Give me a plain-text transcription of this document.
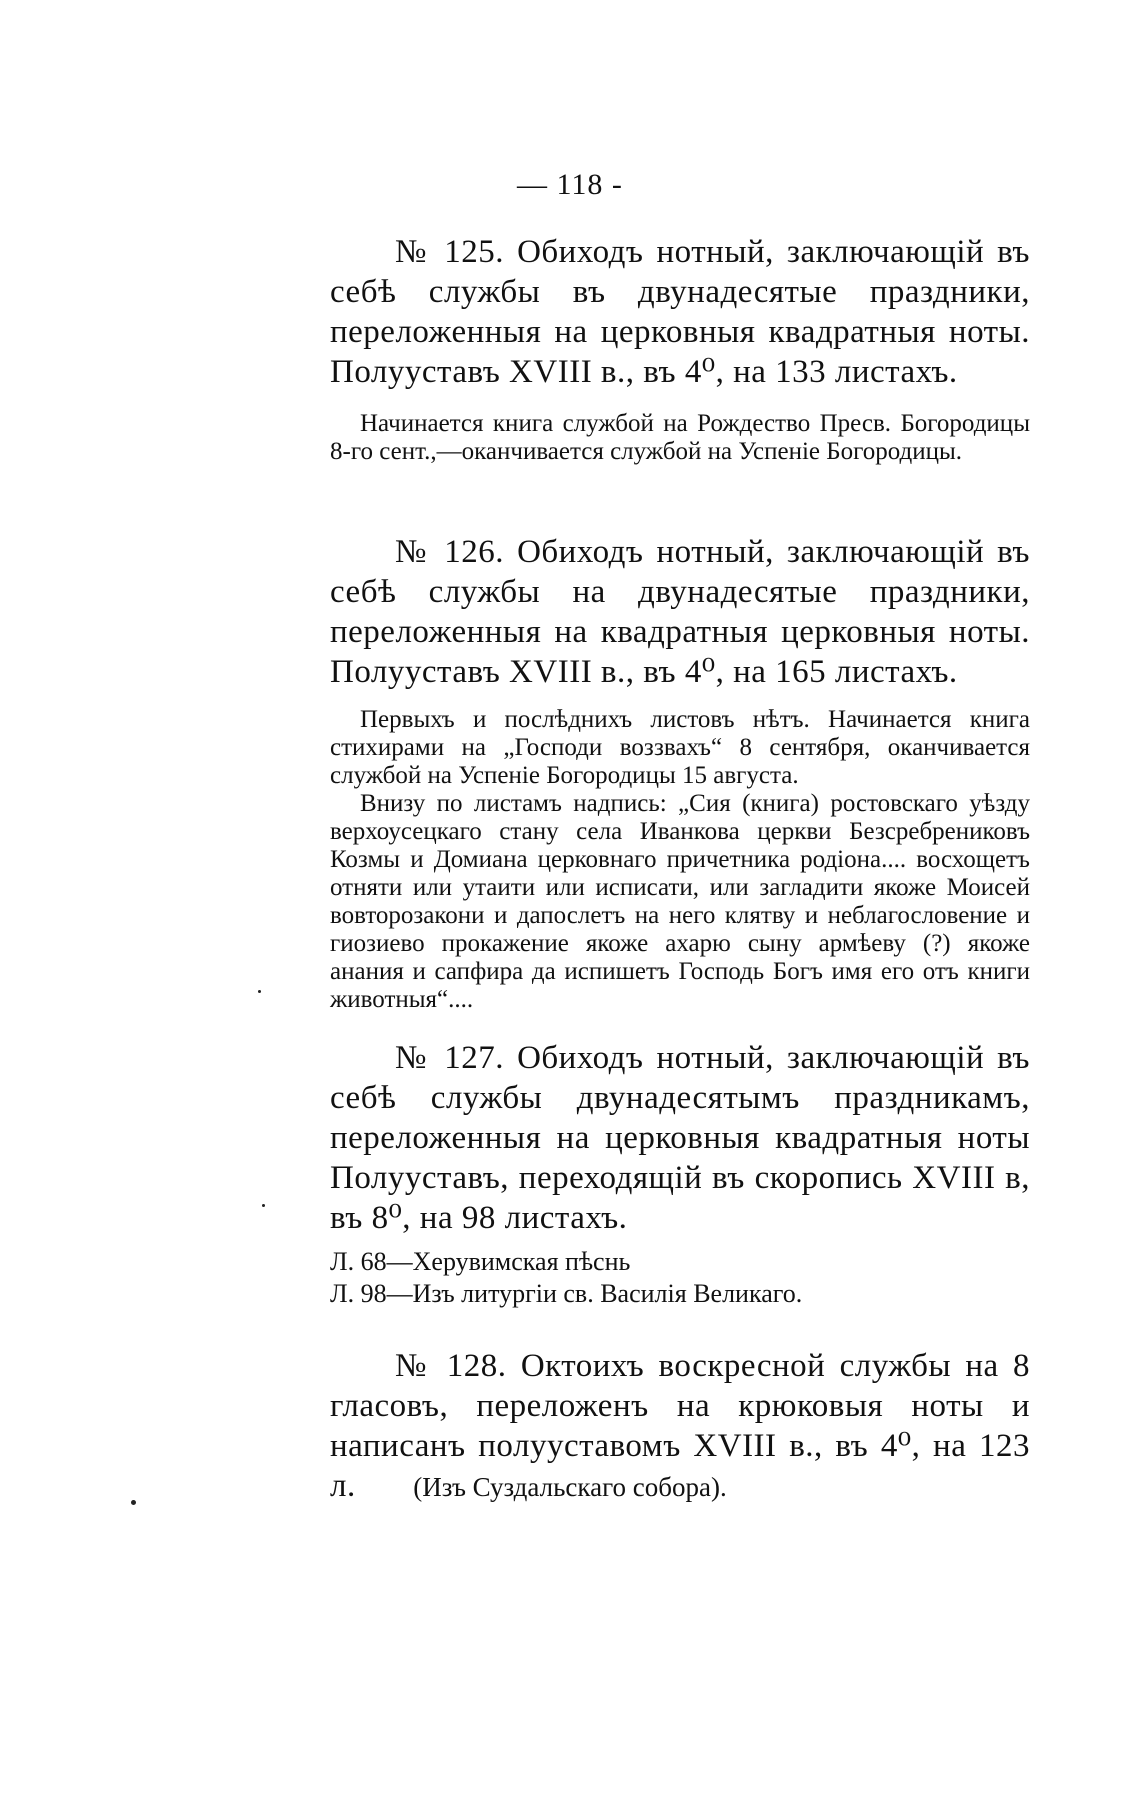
— 118 -
№ 125. Обиходъ нотный, заключающій въ себѣ службы въ двунадесятые праздники, переложенныя на церковныя квадратныя ноты. Полууставъ XVIII в., въ 4⁰, на 133 листахъ.

Начинается книга службой на Рождество Пресв. Богородицы 8-го сент.,—оканчивается службой на Успеніе Богородицы.

№ 126. Обиходъ нотный, заключающій въ себѣ службы на двунадесятые праздники, переложенныя на квадратныя церковныя ноты. Полууставъ XVIII в., въ 4⁰, на 165 листахъ.

Первыхъ и послѣднихъ листовъ нѣтъ. Начинается книга стихирами на „Господи воззвахъ“ 8 сентября, оканчивается службой на Успеніе Богородицы 15 августа.

Внизу по листамъ надпись: „Сия (книга) ростовскаго уѣзду верхоусецкаго стану села Иванкова церкви Безсребрениковъ Козмы и Домиана церковнаго причетника родіона.... восхощетъ отняти или утаити или исписати, или загладити якоже Моисей вовторозакони и дапослетъ на него клятву и неблагословение и гиозиево прокажение якоже ахарю сыну армѣеву (?) якоже анания и сапфира да испишетъ Господь Богъ имя его отъ книги животныя“....

№ 127. Обиходъ нотный, заключающій въ себѣ службы двунадесятымъ праздникамъ, переложенныя на церковныя квадратныя ноты Полууставъ, переходящій въ скоропись XVIII в, въ 8⁰, на 98 листахъ.
Л. 68—Херувимская пѣснь
Л. 98—Изъ литургіи св. Василія Великаго.
№ 128. Октоихъ воскресной службы на 8 гласовъ, переложенъ на крюковыя ноты и написанъ полууставомъ XVIII в., въ 4⁰, на 123 л.	(Изъ Суздальскаго собора).
